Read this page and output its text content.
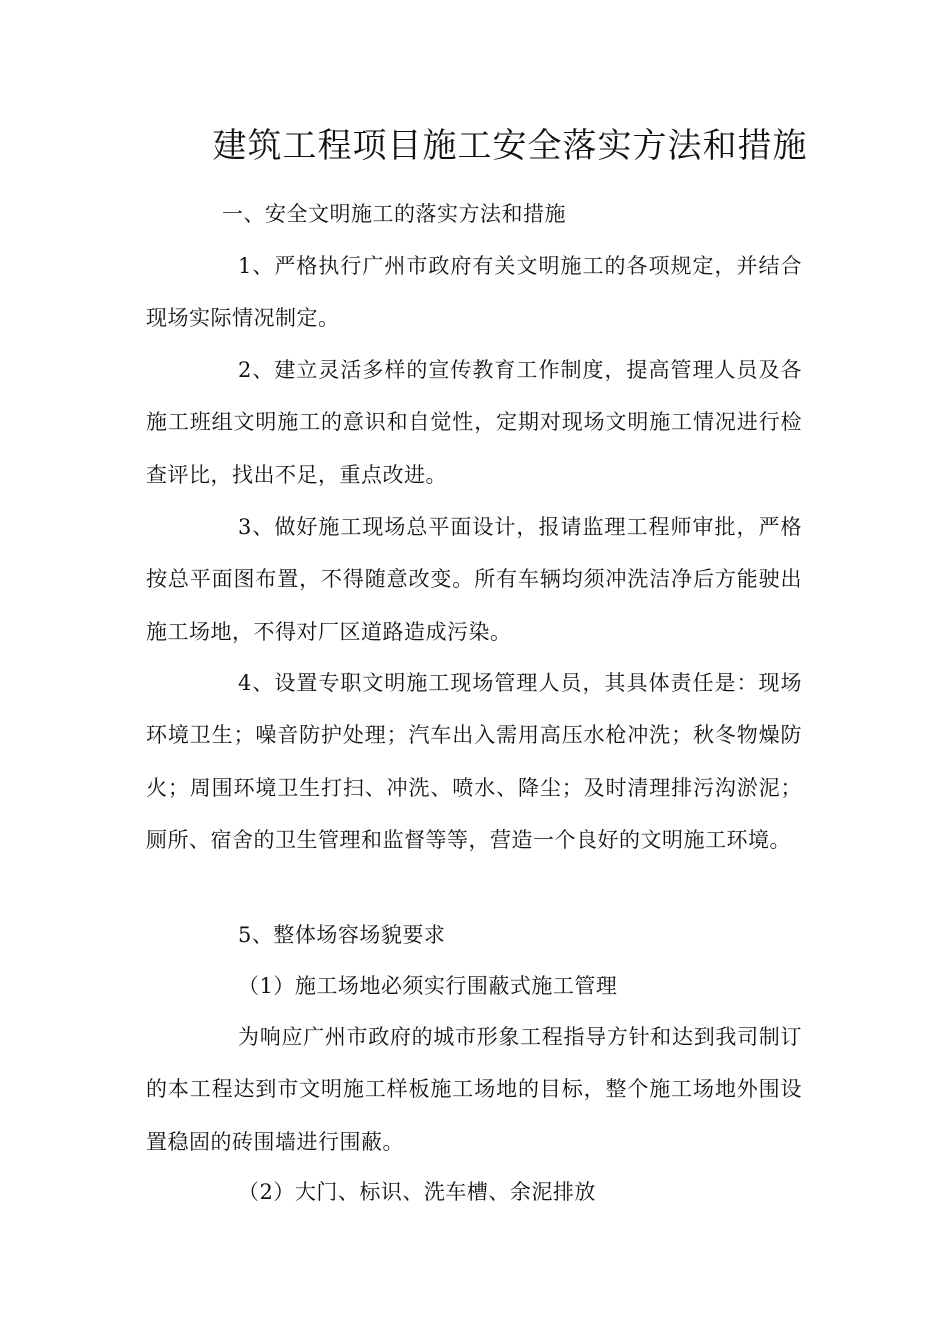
建筑工程项目施工安全落实方法和措施

一、安全文明施工的落实方法和措施

1、严格执行广州市政府有关文明施工的各项规定，并结合现场实际情况制定。

2、建立灵活多样的宣传教育工作制度，提高管理人员及各施工班组文明施工的意识和自觉性，定期对现场文明施工情况进行检查评比，找出不足，重点改进。

3、做好施工现场总平面设计，报请监理工程师审批，严格按总平面图布置，不得随意改变。所有车辆均须冲洗洁净后方能驶出施工场地，不得对厂区道路造成污染。

4、设置专职文明施工现场管理人员，其具体责任是：现场环境卫生；噪音防护处理；汽车出入需用高压水枪冲洗；秋冬物燥防火；周围环境卫生打扫、冲洗、喷水、降尘；及时清理排污沟淤泥；厕所、宿舍的卫生管理和监督等等，营造一个良好的文明施工环境。

5、整体场容场貌要求

（1）施工场地必须实行围蔽式施工管理

为响应广州市政府的城市形象工程指导方针和达到我司制订的本工程达到市文明施工样板施工场地的目标，整个施工场地外围设置稳固的砖围墙进行围蔽。

（2）大门、标识、洗车槽、余泥排放
